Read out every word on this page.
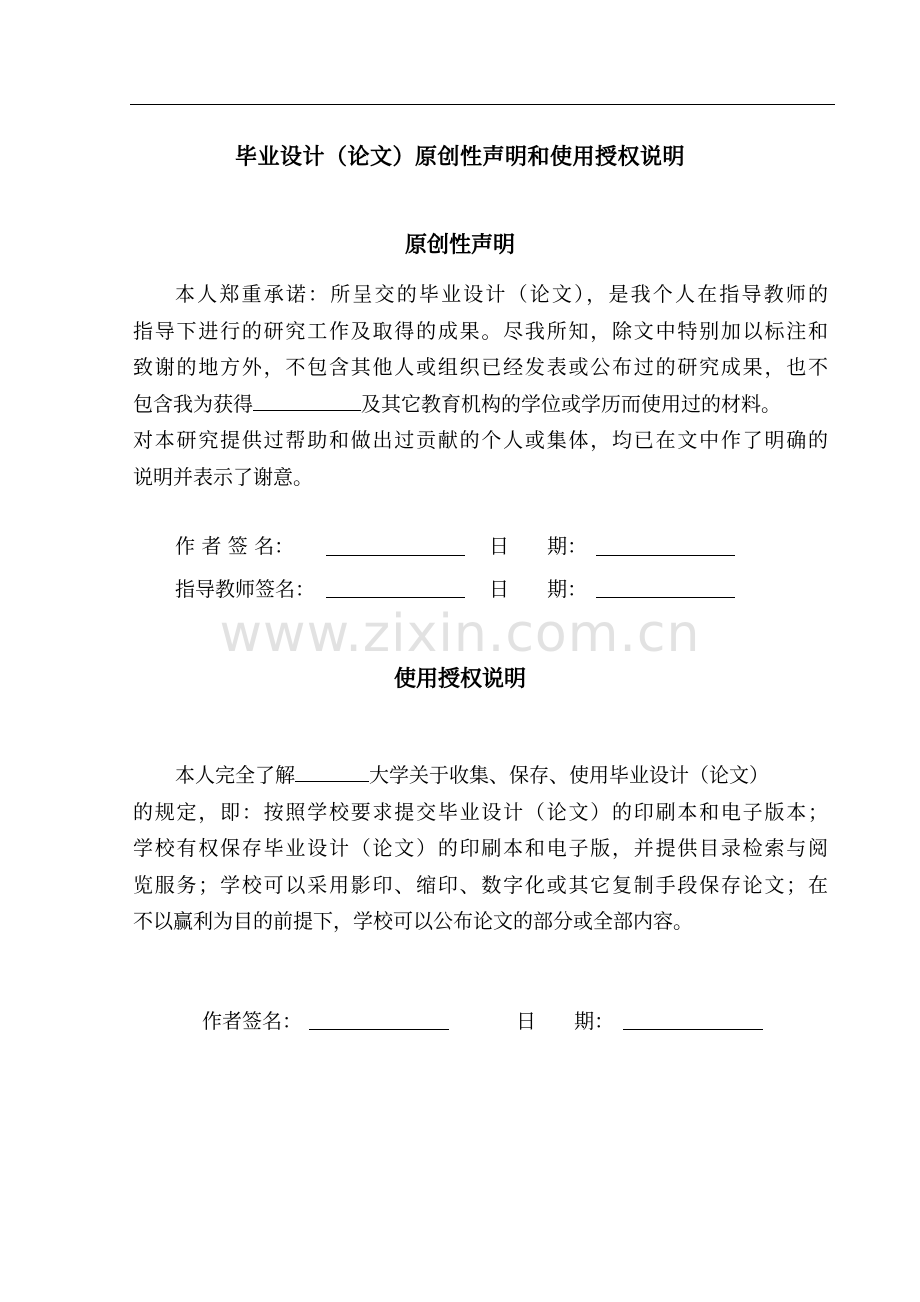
毕业设计（论文）原创性声明和使用授权说明
原创性声明
本人郑重承诺：所呈交的毕业设计（论文），是我个人在指导教师的
指导下进行的研究工作及取得的成果。尽我所知，除文中特别加以标注和
致谢的地方外，不包含其他人或组织已经发表或公布过的研究成果，也不
包含我为获得	及其它教育机构的学位或学历而使用过的材料。
对本研究提供过帮助和做出过贡献的个人或集体，均已在文中作了明确的
说明并表示了谢意。
作 者 签 名：	日      期：
指导教师签名：	日      期：
www.zixin.com.cn
使用授权说明
本人完全了解	大学关于收集、保存、使用毕业设计（论文）
的规定，即：按照学校要求提交毕业设计（论文）的印刷本和电子版本；
学校有权保存毕业设计（论文）的印刷本和电子版，并提供目录检索与阅
览服务；学校可以采用影印、缩印、数字化或其它复制手段保存论文；在
不以赢利为目的前提下，学校可以公布论文的部分或全部内容。
作者签名：	日      期：
